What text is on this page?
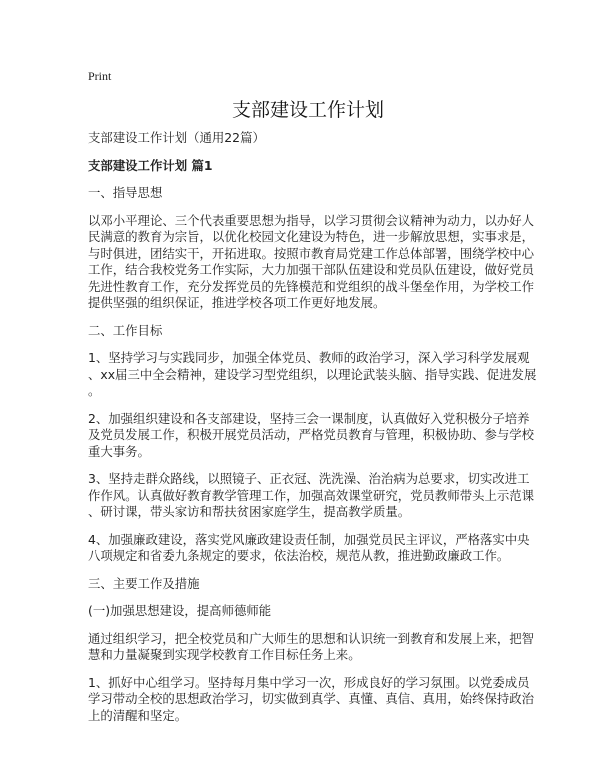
Print
支部建设工作计划
支部建设工作计划（通用22篇）
支部建设工作计划 篇1
一、指导思想
以邓小平理论、三个代表重要思想为指导，以学习贯彻会议精神为动力，以办好人
民满意的教育为宗旨，以优化校园文化建设为特色，进一步解放思想，实事求是，
与时俱进，团结实干，开拓进取。按照市教育局党建工作总体部署，围绕学校中心
工作，结合我校党务工作实际，大力加强干部队伍建设和党员队伍建设，做好党员
先进性教育工作，充分发挥党员的先锋模范和党组织的战斗堡垒作用，为学校工作
提供坚强的组织保证，推进学校各项工作更好地发展。
二、工作目标
1、坚持学习与实践同步，加强全体党员、教师的政治学习，深入学习科学发展观
、xx届三中全会精神，建设学习型党组织，以理论武装头脑、指导实践、促进发展
。
2、加强组织建设和各支部建设，坚持三会一课制度，认真做好入党积极分子培养
及党员发展工作，积极开展党员活动，严格党员教育与管理，积极协助、参与学校
重大事务。
3、坚持走群众路线，以照镜子、正衣冠、洗洗澡、治治病为总要求，切实改进工
作作风。认真做好教育教学管理工作，加强高效课堂研究，党员教师带头上示范课
、研讨课，带头家访和帮扶贫困家庭学生，提高教学质量。
4、加强廉政建设，落实党风廉政建设责任制，加强党员民主评议，严格落实中央
八项规定和省委九条规定的要求，依法治校，规范从教，推进勤政廉政工作。
三、主要工作及措施
(一)加强思想建设，提高师德师能
通过组织学习，把全校党员和广大师生的思想和认识统一到教育和发展上来，把智
慧和力量凝聚到实现学校教育工作目标任务上来。
1、抓好中心组学习。坚持每月集中学习一次，形成良好的学习氛围。以党委成员
学习带动全校的思想政治学习，切实做到真学、真懂、真信、真用，始终保持政治
上的清醒和坚定。
